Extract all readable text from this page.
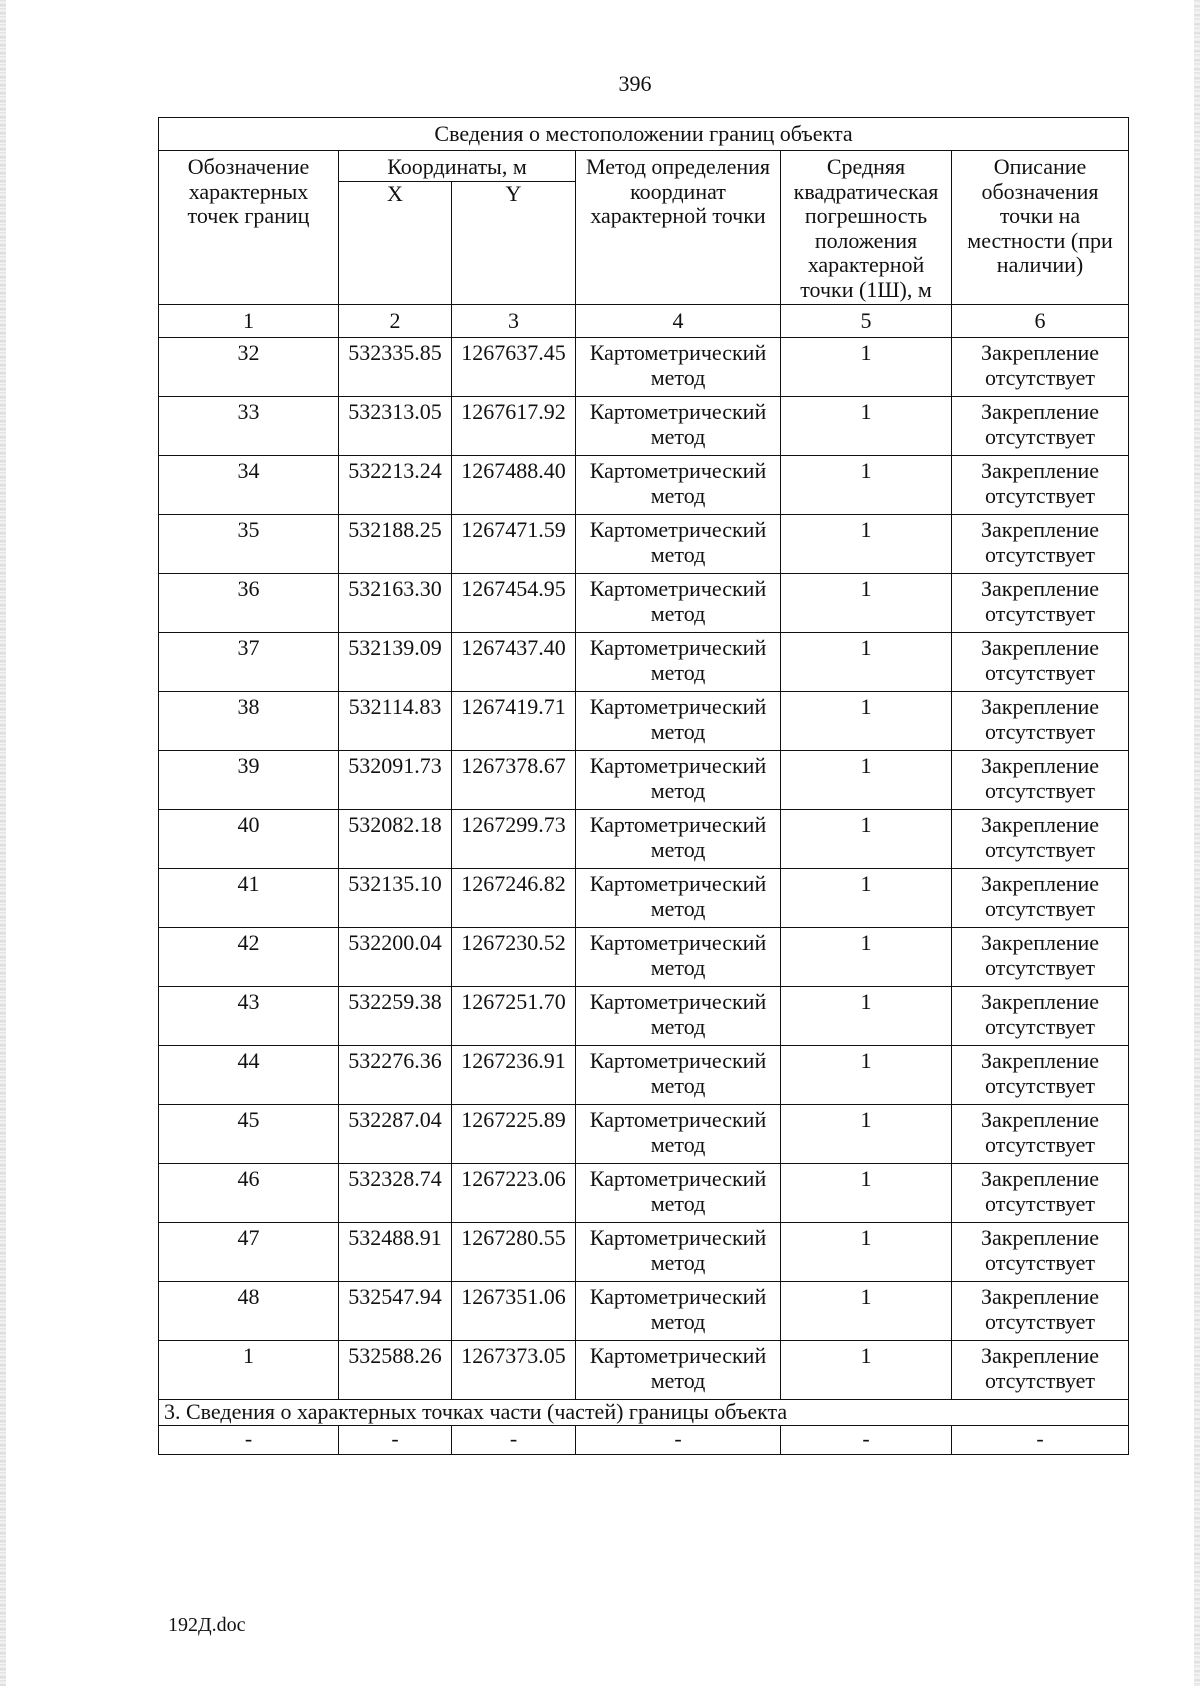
396
Сведения о местоположении границ объекта					
Обозначение характерных точек границ	Координаты, м		Метод определения координат характерной точки	Средняя квадратическая погрешность положения характерной точки (1Ш), м	Описание обозначения точки на местности (при наличии)
	X	Y			
1	2	3	4	5	6
32	532335.85	1267637.45	Картометрический метод	1	Закрепление отсутствует
33	532313.05	1267617.92	Картометрический метод	1	Закрепление отсутствует
34	532213.24	1267488.40	Картометрический метод	1	Закрепление отсутствует
35	532188.25	1267471.59	Картометрический метод	1	Закрепление отсутствует
36	532163.30	1267454.95	Картометрический метод	1	Закрепление отсутствует
37	532139.09	1267437.40	Картометрический метод	1	Закрепление отсутствует
38	532114.83	1267419.71	Картометрический метод	1	Закрепление отсутствует
39	532091.73	1267378.67	Картометрический метод	1	Закрепление отсутствует
40	532082.18	1267299.73	Картометрический метод	1	Закрепление отсутствует
41	532135.10	1267246.82	Картометрический метод	1	Закрепление отсутствует
42	532200.04	1267230.52	Картометрический метод	1	Закрепление отсутствует
43	532259.38	1267251.70	Картометрический метод	1	Закрепление отсутствует
44	532276.36	1267236.91	Картометрический метод	1	Закрепление отсутствует
45	532287.04	1267225.89	Картометрический метод	1	Закрепление отсутствует
46	532328.74	1267223.06	Картометрический метод	1	Закрепление отсутствует
47	532488.91	1267280.55	Картометрический метод	1	Закрепление отсутствует
48	532547.94	1267351.06	Картометрический метод	1	Закрепление отсутствует
1	532588.26	1267373.05	Картометрический метод	1	Закрепление отсутствует
3. Сведения о характерных точках части (частей) границы объекта					
-	-	-	-	-	-
192Д.doc
